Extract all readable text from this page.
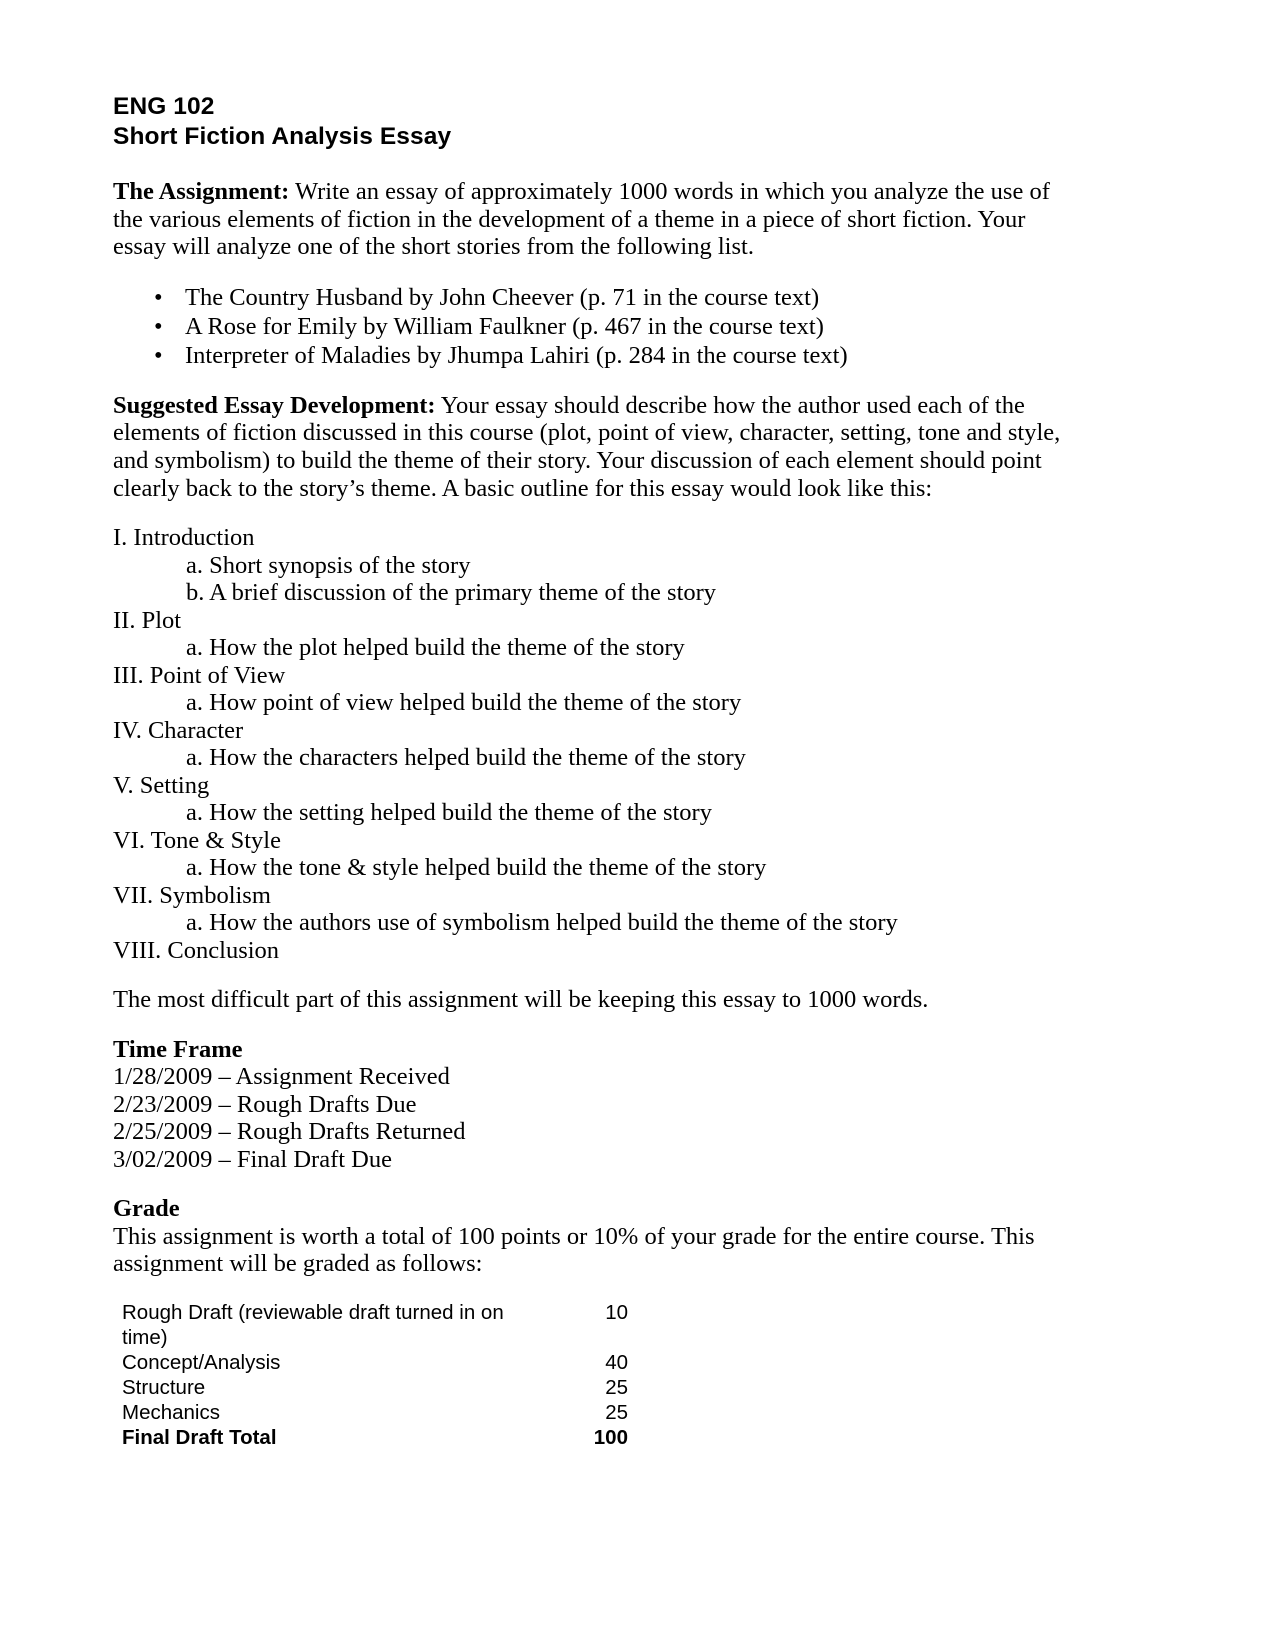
ENG 102
Short Fiction Analysis Essay

The Assignment: Write an essay of approximately 1000 words in which you analyze the use of the various elements of fiction in the development of a theme in a piece of short fiction. Your essay will analyze one of the short stories from the following list.

• The Country Husband by John Cheever (p. 71 in the course text)
• A Rose for Emily by William Faulkner (p. 467 in the course text)
• Interpreter of Maladies by Jhumpa Lahiri (p. 284 in the course text)

Suggested Essay Development: Your essay should describe how the author used each of the elements of fiction discussed in this course (plot, point of view, character, setting, tone and style, and symbolism) to build the theme of their story. Your discussion of each element should point clearly back to the story’s theme. A basic outline for this essay would look like this:

I. Introduction
a. Short synopsis of the story
b. A brief discussion of the primary theme of the story
II. Plot
a. How the plot helped build the theme of the story
III. Point of View
a. How point of view helped build the theme of the story
IV. Character
a. How the characters helped build the theme of the story
V. Setting
a. How the setting helped build the theme of the story
VI. Tone & Style
a. How the tone & style helped build the theme of the story
VII. Symbolism
a. How the authors use of symbolism helped build the theme of the story
VIII. Conclusion

The most difficult part of this assignment will be keeping this essay to 1000 words.

Time Frame
1/28/2009 – Assignment Received
2/23/2009 – Rough Drafts Due
2/25/2009 – Rough Drafts Returned
3/02/2009 – Final Draft Due
Grade

This assignment is worth a total of 100 points or 10% of your grade for the entire course. This assignment will be graded as follows:

Rough Draft (reviewable draft turned in on time)	10
Concept/Analysis	40
Structure	25
Mechanics	25
Final Draft Total	100
